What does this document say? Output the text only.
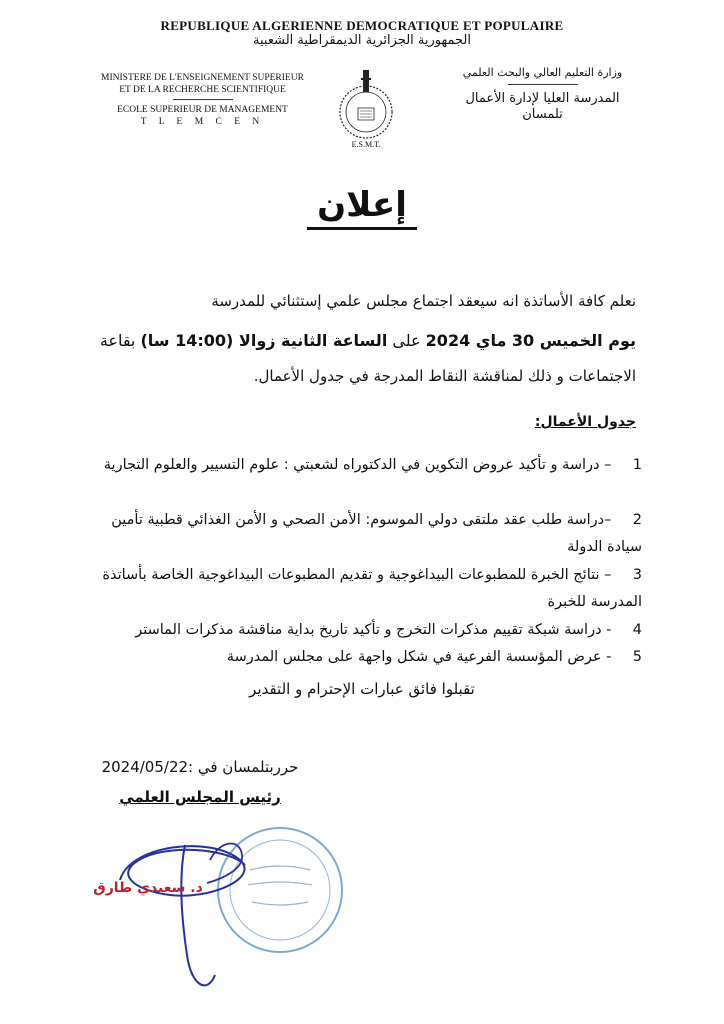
REPUBLIQUE ALGERIENNE DEMOCRATIQUE ET POPULAIRE
الجمهورية الجزائرية الديمقراطية الشعبية
MINISTERE DE L'ENSEIGNEMENT SUPERIEUR
ET DE LA RECHERCHE SCIENTIFIQUE
ECOLE SUPERIEUR DE MANAGEMENT
T L E M C E N
وزارة التعليم العالي والبحث العلمي
المدرسة العليا لإدارة الأعمال
تلمسان
E.S.M.T.
إعلان
نعلم كافة الأساتذة انه سيعقد اجتماع مجلس علمي إستثنائي للمدرسة
يوم الخميس 30 ماي 2024 على الساعة الثانية زوالا (14:00 سا) بقاعة
الاجتماعات و ذلك لمناقشة النقاط المدرجة في جدول الأعمال.
جدول الأعمال:
1 – دراسة و تأكيد عروض التكوين في الدكتوراه لشعبتي : علوم التسيير والعلوم التجارية
2 –دراسة طلب عقد ملتقى دولي الموسوم: الأمن الصحي و الأمن الغذائي قطبية تأمين سيادة الدولة
3 – نتائج الخبرة للمطبوعات البيداغوجية و تقديم المطبوعات البيداغوجية الخاصة بأساتذة المدرسة للخبرة
4 - دراسة شبكة تقييم مذكرات التخرج و تأكيد تاريخ بداية مناقشة مذكرات الماستر
5 - عرض المؤسسة الفرعية في شكل واجهة على مجلس المدرسة
تقبلوا فائق عبارات الإحترام و التقدير
حرربتلمسان في :2024/05/22
رئيس المجلس العلمي
د. سعيدي طارق
